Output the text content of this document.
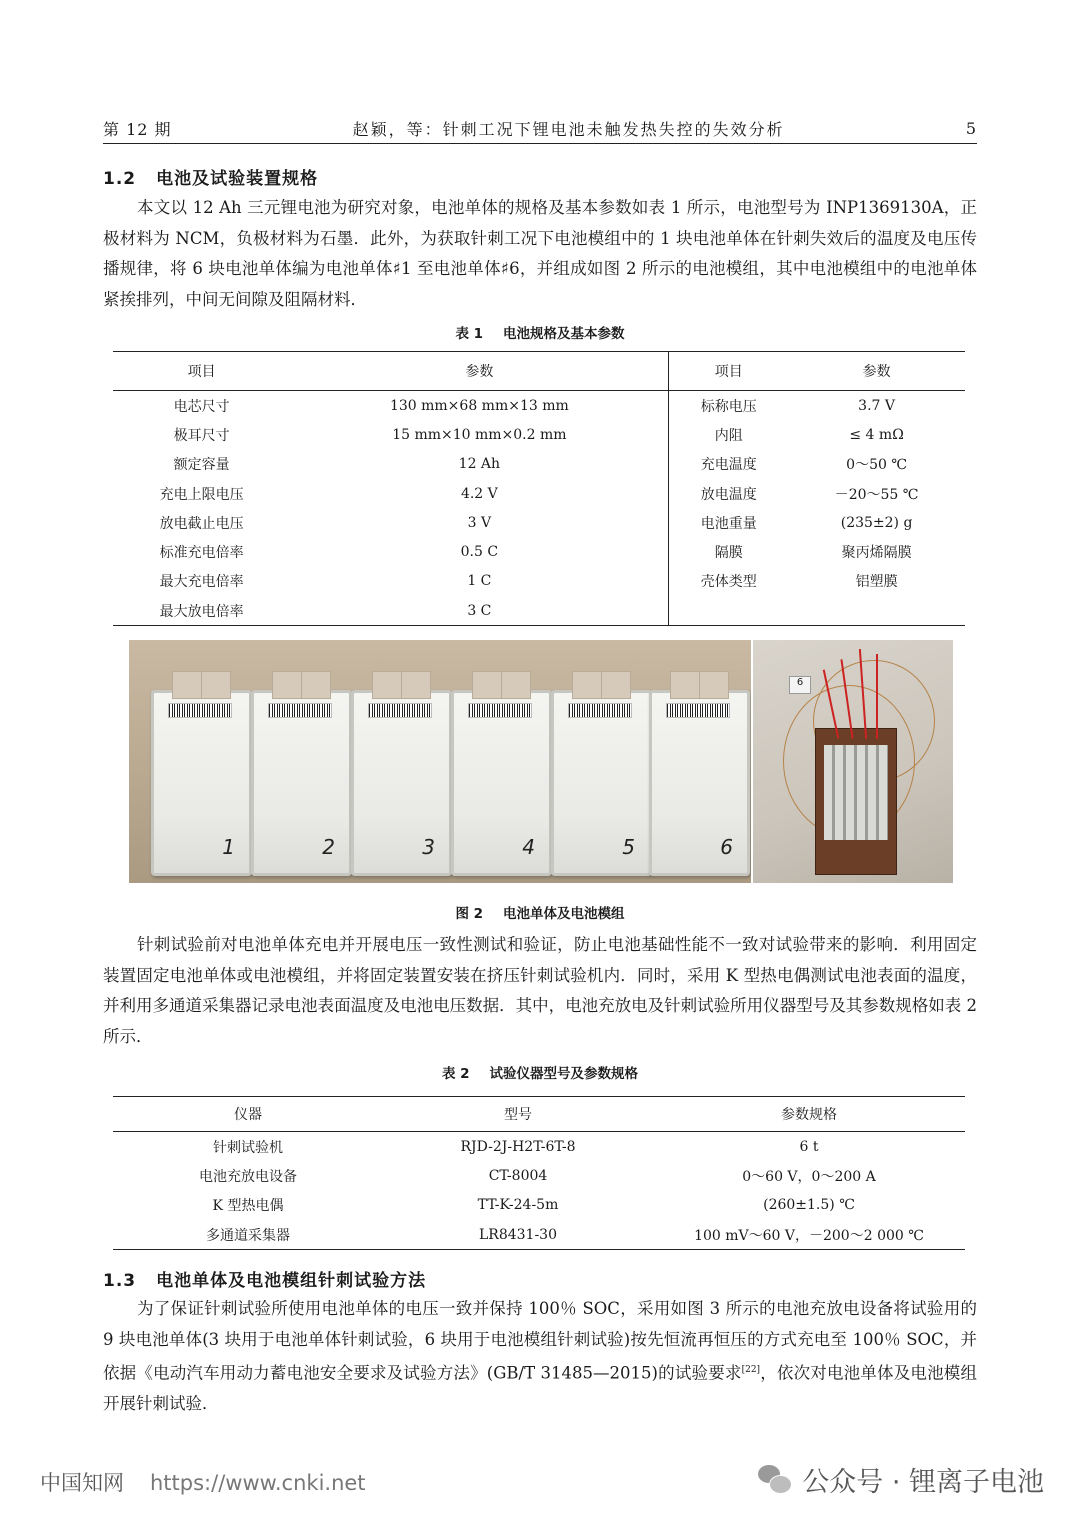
第 12 期	赵颖，等：针刺工况下锂电池未触发热失控的失效分析	5
1.2 电池及试验装置规格

本文以 12 Ah 三元锂电池为研究对象，电池单体的规格及基本参数如表 1 所示，电池型号为 INP1369130A，正极材料为 NCM，负极材料为石墨．此外，为获取针刺工况下电池模组中的 1 块电池单体在针刺失效后的温度及电压传播规律，将 6 块电池单体编为电池单体♯1 至电池单体♯6，并组成如图 2 所示的电池模组，其中电池模组中的电池单体紧挨排列，中间无间隙及阻隔材料．

表 1 电池规格及基本参数
项目	参数	项目	参数
电芯尺寸	130 mm×68 mm×13 mm	标称电压	3.7 V
极耳尺寸	15 mm×10 mm×0.2 mm	内阻	≤ 4 mΩ
额定容量	12 Ah	充电温度	0～50 ℃
充电上限电压	4.2 V	放电温度	－20～55 ℃
放电截止电压	3 V	电池重量	(235±2) g
标准充电倍率	0.5 C	隔膜	聚丙烯隔膜
最大充电倍率	1 C	壳体类型	铝塑膜
最大放电倍率	3 C		
1	2	3	4	5	6
6
图 2 电池单体及电池模组

针刺试验前对电池单体充电并开展电压一致性测试和验证，防止电池基础性能不一致对试验带来的影响．利用固定装置固定电池单体或电池模组，并将固定装置安装在挤压针刺试验机内．同时，采用 K 型热电偶测试电池表面的温度，并利用多通道采集器记录电池表面温度及电池电压数据．其中，电池充放电及针刺试验所用仪器型号及其参数规格如表 2 所示．

表 2 试验仪器型号及参数规格
仪器	型号	参数规格
针刺试验机	RJD-2J-H2T-6T-8	6 t
电池充放电设备	CT-8004	0～60 V，0～200 A
K 型热电偶	TT-K-24-5m	(260±1.5) ℃
多通道采集器	LR8431-30	100 mV～60 V，－200～2 000 ℃
1.3 电池单体及电池模组针刺试验方法

为了保证针刺试验所使用电池单体的电压一致并保持 100％ SOC，采用如图 3 所示的电池充放电设备将试验用的 9 块电池单体(3 块用于电池单体针刺试验，6 块用于电池模组针刺试验)按先恒流再恒压的方式充电至 100％ SOC，并依据《电动汽车用动力蓄电池安全要求及试验方法》(GB/T 31485—2015)的试验要求[22]，依次对电池单体及电池模组开展针刺试验．

中国知网 https://www.cnki.net	公众号 · 锂离子电池
